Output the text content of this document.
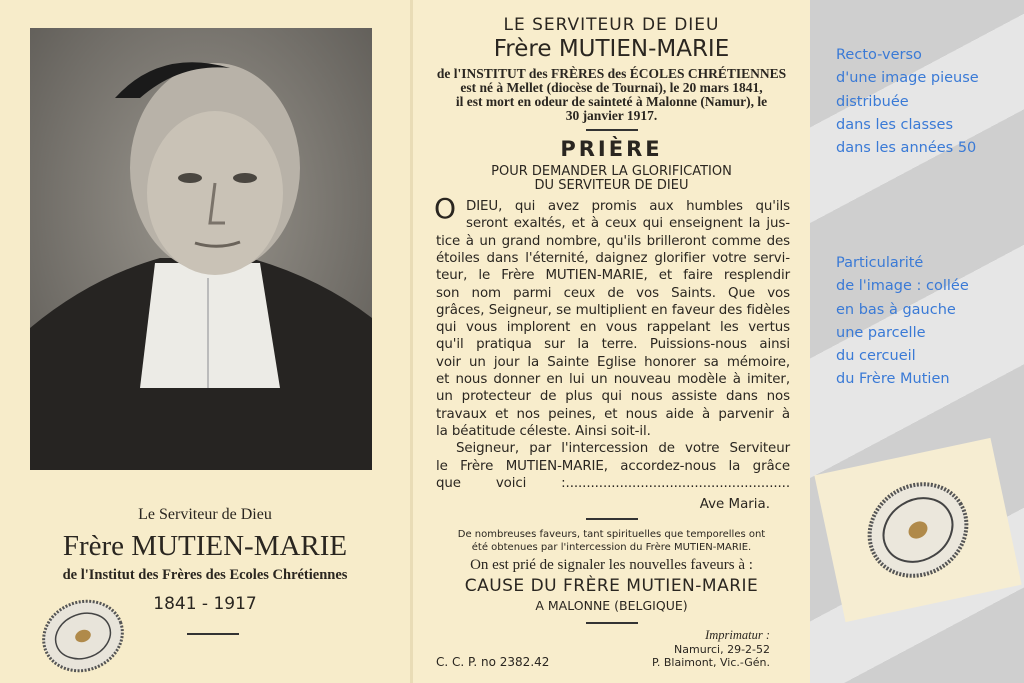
Le Serviteur de Dieu
Frère MUTIEN-MARIE
de l'Institut des Frères des Ecoles Chrétiennes
1841 - 1917
LE SERVITEUR DE DIEU
Frère MUTIEN-MARIE
de l'INSTITUT des FRÈRES des ÉCOLES CHRÉTIENNES
est né à Mellet (diocèse de Tournai), le 20 mars 1841,
il est mort en odeur de sainteté à Malonne (Namur), le
30 janvier 1917.
PRIÈRE
POUR DEMANDER LA GLORIFICATION
DU SERVITEUR DE DIEU
O DIEU, qui avez promis aux humbles qu'ils
seront exaltés, et à ceux qui enseignent la jus-
tice à un grand nombre, qu'ils brilleront comme des
étoiles dans l'éternité, daignez glorifier votre servi-
teur, le Frère MUTIEN-MARIE, et faire resplendir
son nom parmi ceux de vos Saints. Que vos
grâces, Seigneur, se multiplient en faveur des fidèles
qui vous implorent en vous rappelant les vertus
qu'il pratiqua sur la terre. Puissions-nous ainsi
voir un jour la Sainte Eglise honorer sa mémoire,
et nous donner en lui un nouveau modèle à imiter,
un protecteur de plus qui nous assiste dans nos
travaux et nos peines, et nous aide à parvenir à
la béatitude céleste. Ainsi soit-il.
Seigneur, par l'intercession de votre Serviteur
le Frère MUTIEN-MARIE, accordez-nous la grâce
que voici :......................................................
Ave Maria.
De nombreuses faveurs, tant spirituelles que temporelles ont
été obtenues par l'intercession du Frère MUTIEN-MARIE.
On est prié de signaler les nouvelles faveurs à :
CAUSE DU FRÈRE MUTIEN-MARIE
A MALONNE (BELGIQUE)
Imprimatur :
Namurci, 29-2-52
P. Blaimont, Vic.-Gén.
C. C. P. no 2382.42
Recto-verso
d'une image pieuse
distribuée
dans les classes
dans les années 50
Particularité
de l'image : collée
en bas à gauche
une parcelle
du cercueil
du Frère Mutien
